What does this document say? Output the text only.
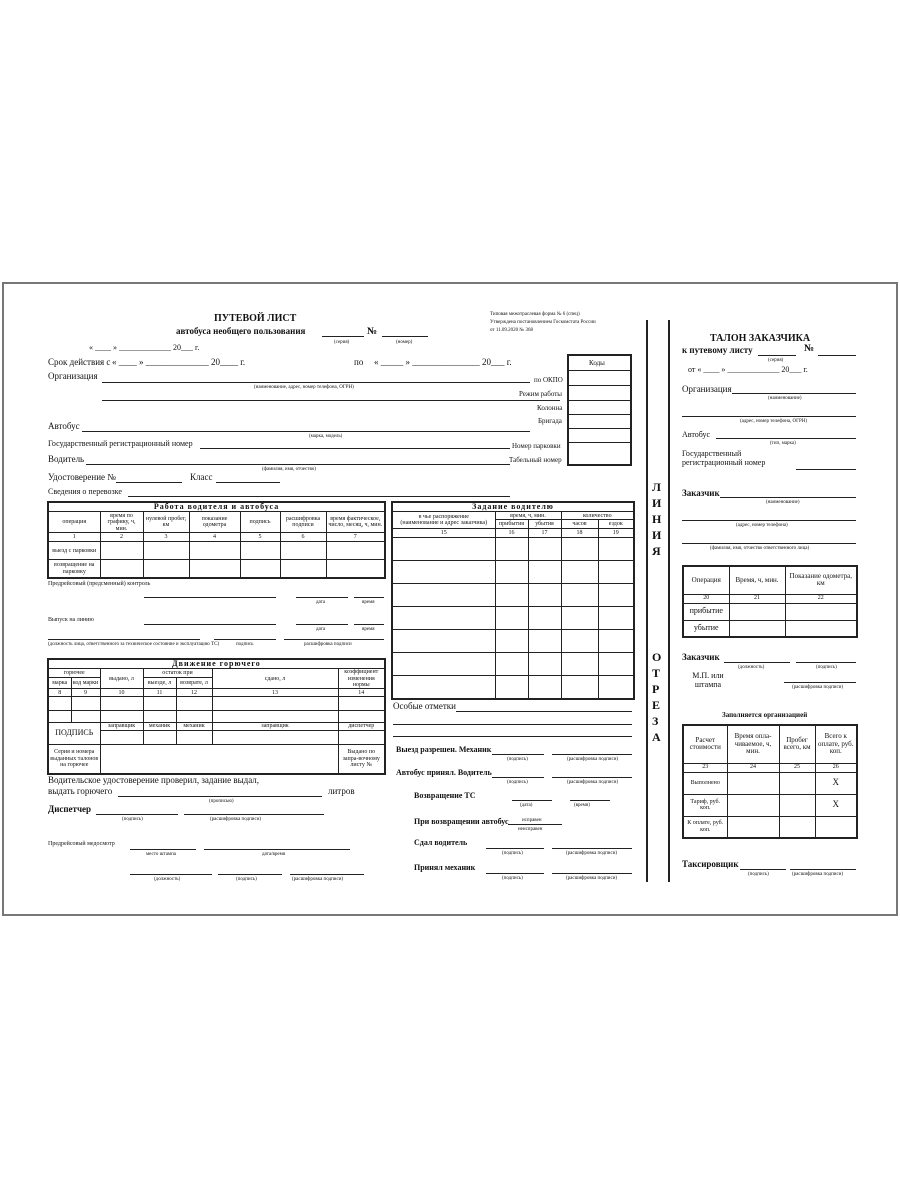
ПУТЕВОЙ ЛИСТ
автобуса необщего пользования	№
(серия)	(номер)
« ____ » _____________ 20___ г.
Типовая межотраслевая форма № 6 (спец)
Утверждена постановлением Госкомстата России
от 11.09.2020 № 368
Срок действия с « ____ » ______________ 20____ г.	по « _____ » _______________ 20___ г.	Коды
по ОКПО
Режим работы
Колонна
Бригада
Номер парковки
Табельный номер
Организация
(наименование, адрес, номер телефона, ОГРН)
Автобус
(марка, модель)
Государственный регистрационный номер
Водитель
(фамилия, имя, отчество)
Удостоверение №	Класс
Сведения о перевозке
Работа водителя и автобуса						
операция	время по графику, ч, мин.	нулевой пробег, км	показание одометра	подпись	расшифровка подписи	время фактическое, число, месяц, ч, мин.
1	2	3	4	5	6	7
выезд с парковки						
возвращение на парковку						
Задание водителю				
в чье распоряжение
(наименование и адрес заказчика)	время, ч, мин.		количество	
	прибытия	убытия	часов	ездок
15	16	17	18	19

Предрейсовый (предсменный) контроль
дата	время
Выпуск на линию
дата	время
(должность лица, ответственного за техническое состояние и эксплуатацию ТС)	подпись	расшифровка подписи
Движение горючего						
горючее		выдано, л	остаток при		сдано, л	коэффициент изменения нормы
марка	код марки		выезде, л	возврате, л		
8	9	10	11	12	13	14

ПОДПИСЬ		заправщик	механик	механик	заправщик	диспетчер

Серия и номера выданных талонов на горючее						Выдано по запра-вочному листу №
Водительское удостоверение проверил, задание выдал,
выдать горючего	литров
(прописью)
Диспетчер
(подпись)	(расшифровка подписи)
Предрейсовый медосмотр
место штампа	дата/время
(должность)	(подпись)	(расшифровка подписи)
Особые отметки
Выезд разрешен. Механик
(подпись)	(расшифровка подписи)
Автобус принял. Водитель
(подпись)	(расшифровка подписи)
Возвращение ТС
(дата)	(время)
При возвращении автобус	исправен
неисправен
Сдал водитель
(подпись)	(расшифровка подписи)
Принял механик
(подпись)	(расшифровка подписи)
Л
И
Н
И
Я
О
Т
Р
Е
З
А
ТАЛОН ЗАКАЗЧИКА
к путевому листу	№
(серия)
от « ____ » _____________ 20___ г.
Организация
(наименование)
(адрес, номер телефона, ОГРН)
Автобус
(тип, марка)
Государственный регистрационный номер
Заказчик
(наименование)
(адрес, номер телефона)
(фамилия, имя, отчество ответственного лица)
Операция	Время, ч, мин.	Показание одометра, км
20	21	22
прибытие		
убытие		
Заказчик
(должность)	(подпись)
М.П. или штампа	(расшифровка подписи)
Заполняется организацией
Расчет стоимости	Время опла-чиваемое, ч, мин.	Пробег всего, км	Всего к оплате, руб. коп.
23	24	25	26
Выполнено			Х
Тариф, руб. коп.			Х
К оплате, руб. коп.			
Таксировщик
(подпись)	(расшифровка подписи)
